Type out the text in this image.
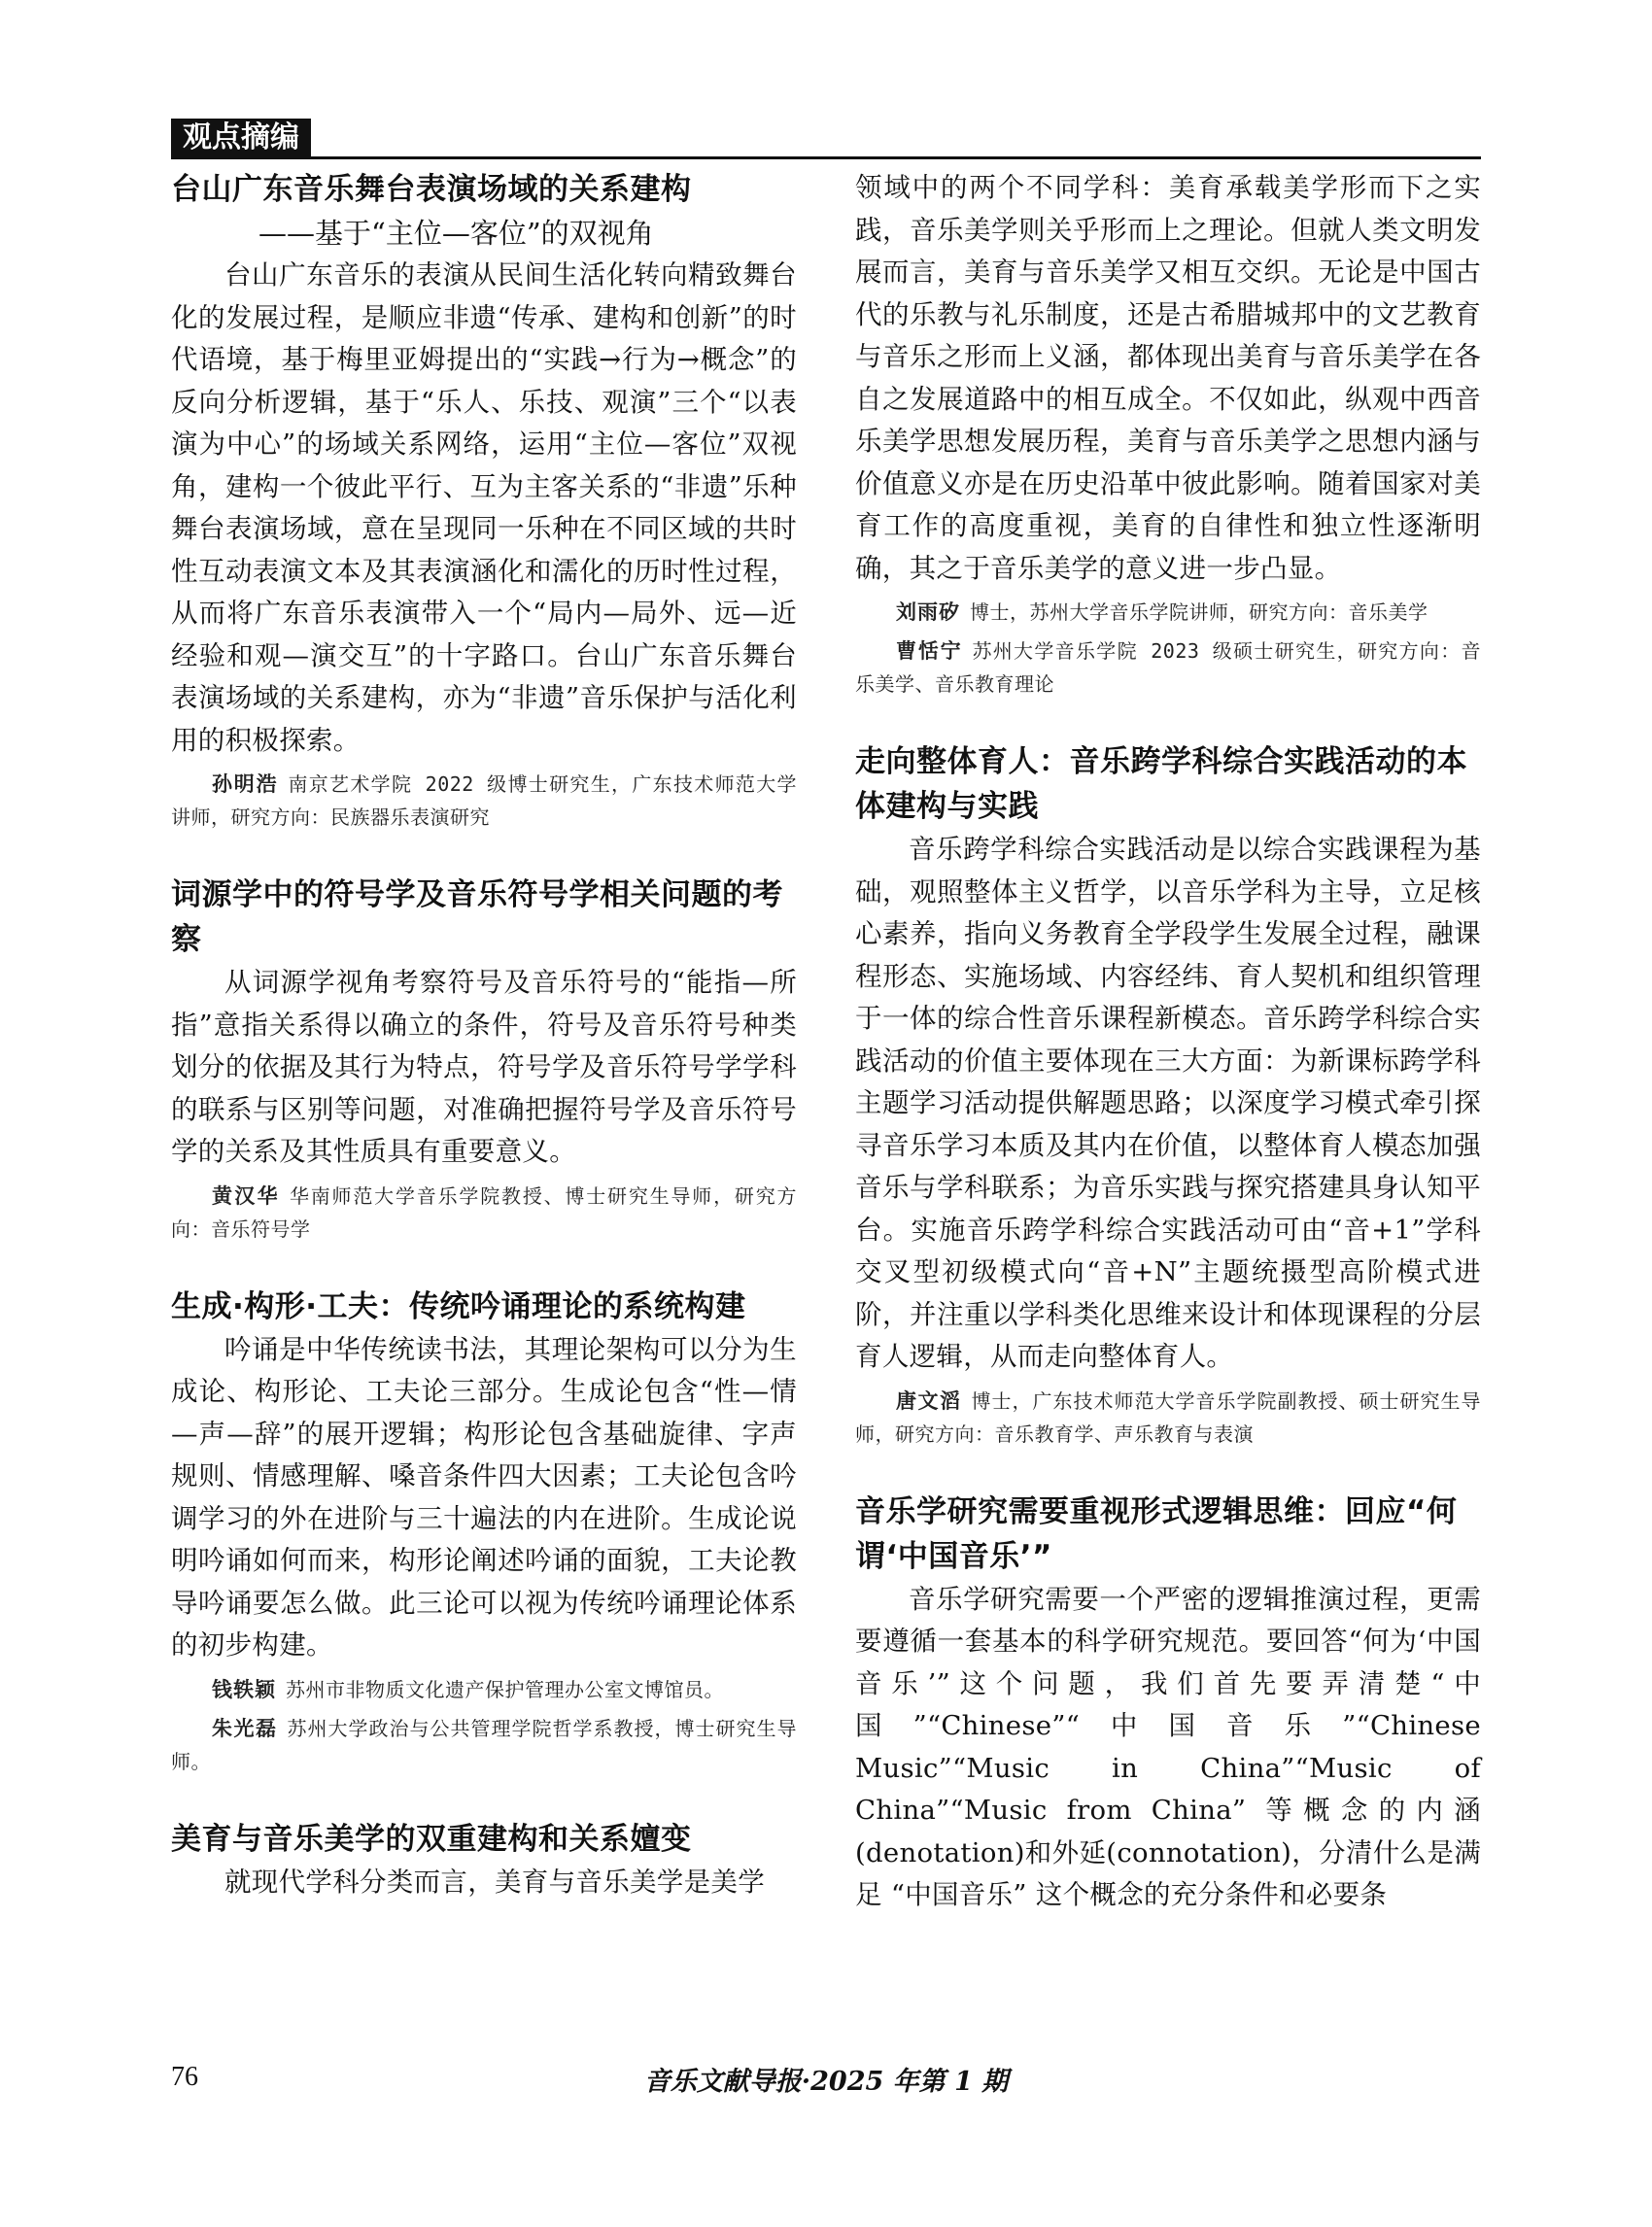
观点摘编
台山广东音乐舞台表演场域的关系建构

——基于“主位—客位”的双视角

台山广东音乐的表演从民间生活化转向精致舞台化的发展过程，是顺应非遗“传承、建构和创新”的时代语境，基于梅里亚姆提出的“实践→行为→概念”的反向分析逻辑，基于“乐人、乐技、观演”三个“以表演为中心”的场域关系网络，运用“主位—客位”双视角，建构一个彼此平行、互为主客关系的“非遗”乐种舞台表演场域，意在呈现同一乐种在不同区域的共时性互动表演文本及其表演涵化和濡化的历时性过程，从而将广东音乐表演带入一个“局内—局外、远—近经验和观—演交互”的十字路口。台山广东音乐舞台表演场域的关系建构，亦为“非遗”音乐保护与活化利用的积极探索。

孙明浩 南京艺术学院 2022 级博士研究生，广东技术师范大学讲师，研究方向：民族器乐表演研究

词源学中的符号学及音乐符号学相关问题的考察

从词源学视角考察符号及音乐符号的“能指—所指”意指关系得以确立的条件，符号及音乐符号种类划分的依据及其行为特点，符号学及音乐符号学学科的联系与区别等问题，对准确把握符号学及音乐符号学的关系及其性质具有重要意义。

黄汉华 华南师范大学音乐学院教授、博士研究生导师，研究方向：音乐符号学

生成·构形·工夫：传统吟诵理论的系统构建

吟诵是中华传统读书法，其理论架构可以分为生成论、构形论、工夫论三部分。生成论包含“性—情—声—辞”的展开逻辑；构形论包含基础旋律、字声规则、情感理解、嗓音条件四大因素；工夫论包含吟调学习的外在进阶与三十遍法的内在进阶。生成论说明吟诵如何而来，构形论阐述吟诵的面貌，工夫论教导吟诵要怎么做。此三论可以视为传统吟诵理论体系的初步构建。

钱轶颖 苏州市非物质文化遗产保护管理办公室文博馆员。

朱光磊 苏州大学政治与公共管理学院哲学系教授，博士研究生导师。

美育与音乐美学的双重建构和关系嬗变

就现代学科分类而言，美育与音乐美学是美学

领域中的两个不同学科：美育承载美学形而下之实践，音乐美学则关乎形而上之理论。但就人类文明发展而言，美育与音乐美学又相互交织。无论是中国古代的乐教与礼乐制度，还是古希腊城邦中的文艺教育与音乐之形而上义涵，都体现出美育与音乐美学在各自之发展道路中的相互成全。不仅如此，纵观中西音乐美学思想发展历程，美育与音乐美学之思想内涵与价值意义亦是在历史沿革中彼此影响。随着国家对美育工作的高度重视，美育的自律性和独立性逐渐明确，其之于音乐美学的意义进一步凸显。

刘雨矽 博士，苏州大学音乐学院讲师，研究方向：音乐美学

曹恬宁 苏州大学音乐学院 2023 级硕士研究生，研究方向：音乐美学、音乐教育理论

走向整体育人：音乐跨学科综合实践活动的本体建构与实践

音乐跨学科综合实践活动是以综合实践课程为基础，观照整体主义哲学，以音乐学科为主导，立足核心素养，指向义务教育全学段学生发展全过程，融课程形态、实施场域、内容经纬、育人契机和组织管理于一体的综合性音乐课程新模态。音乐跨学科综合实践活动的价值主要体现在三大方面：为新课标跨学科主题学习活动提供解题思路；以深度学习模式牵引探寻音乐学习本质及其内在价值，以整体育人模态加强音乐与学科联系；为音乐实践与探究搭建具身认知平台。实施音乐跨学科综合实践活动可由“音+1”学科交叉型初级模式向“音+N”主题统摄型高阶模式进阶，并注重以学科类化思维来设计和体现课程的分层育人逻辑，从而走向整体育人。

唐文滔 博士，广东技术师范大学音乐学院副教授、硕士研究生导师，研究方向：音乐教育学、声乐教育与表演

音乐学研究需要重视形式逻辑思维：回应“何谓‘中国音乐’”

音乐学研究需要一个严密的逻辑推演过程，更需要遵循一套基本的科学研究规范。要回答“何为‘中国音乐’”这个问题，我们首先要弄清楚“中国”“Chinese”“中国音乐”“Chinese Music”“Music in China”“Music of China”“Music from China” 等概念的内涵(denotation)和外延(connotation)，分清什么是满足 “中国音乐” 这个概念的充分条件和必要条

76	音乐文献导报·2025 年第 1 期
